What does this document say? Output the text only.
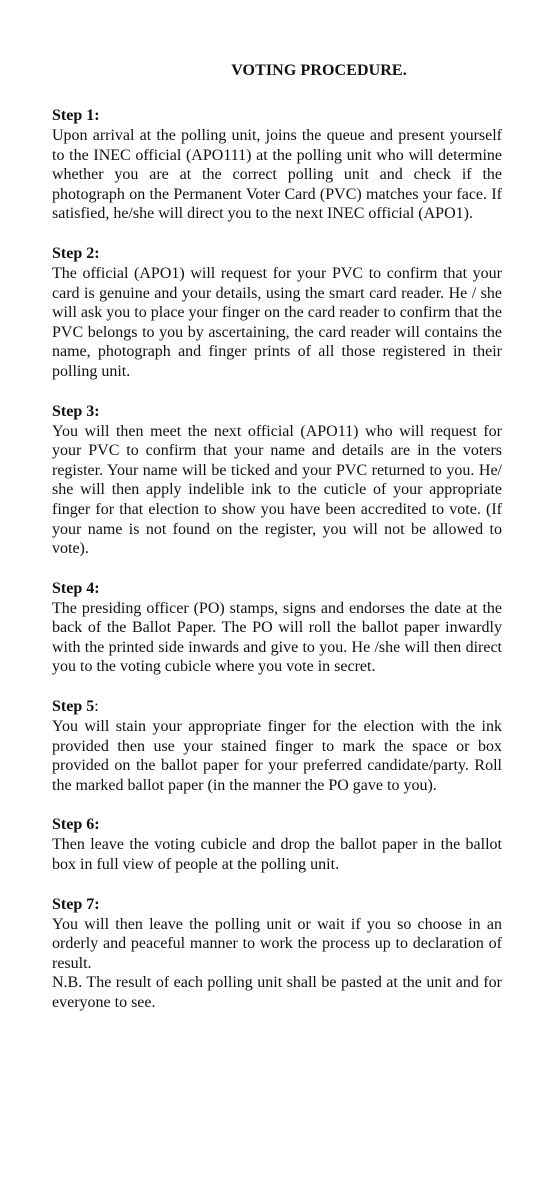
VOTING PROCEDURE.
Step 1:
Upon arrival at the polling unit, joins the queue and present yourself to the INEC official (APO111) at the polling unit who will determine whether you are at the correct polling unit and check if the photograph on the Permanent Voter Card (PVC) matches your face. If satisfied, he/she will direct you to the next INEC official (APO1).
Step 2:
The official (APO1) will request for your PVC to confirm that your card is genuine and your details, using the smart card reader. He / she will ask you to place your finger on the card reader to confirm that the PVC belongs to you by ascertaining, the card reader will contains the name, photograph and finger prints of all those registered in their polling unit.
Step 3:
You will then meet the next official (APO11) who will request for your PVC to confirm that your name and details are in the voters register. Your name will be ticked and your PVC returned to you. He/ she will then apply indelible ink to the cuticle of your appropriate finger for that election to show you have been accredited to vote. (If your name is not found on the register, you will not be allowed to vote).
Step 4:
The presiding officer (PO) stamps, signs and endorses the date at the back of the Ballot Paper. The PO will roll the ballot paper inwardly with the printed side inwards and give to you. He /she will then direct you to the voting cubicle where you vote in secret.
Step 5:
You will stain your appropriate finger for the election with the ink provided then use your stained finger to mark the space or box provided on the ballot paper for your preferred candidate/party. Roll the marked ballot paper (in the manner the PO gave to you).
Step 6:
Then leave the voting cubicle and drop the ballot paper in the ballot box in full view of people at the polling unit.
Step 7:
You will then leave the polling unit or wait if you so choose in an orderly and peaceful manner to work the process up to declaration of result.
N.B. The result of each polling unit shall be pasted at the unit and for everyone to see.
